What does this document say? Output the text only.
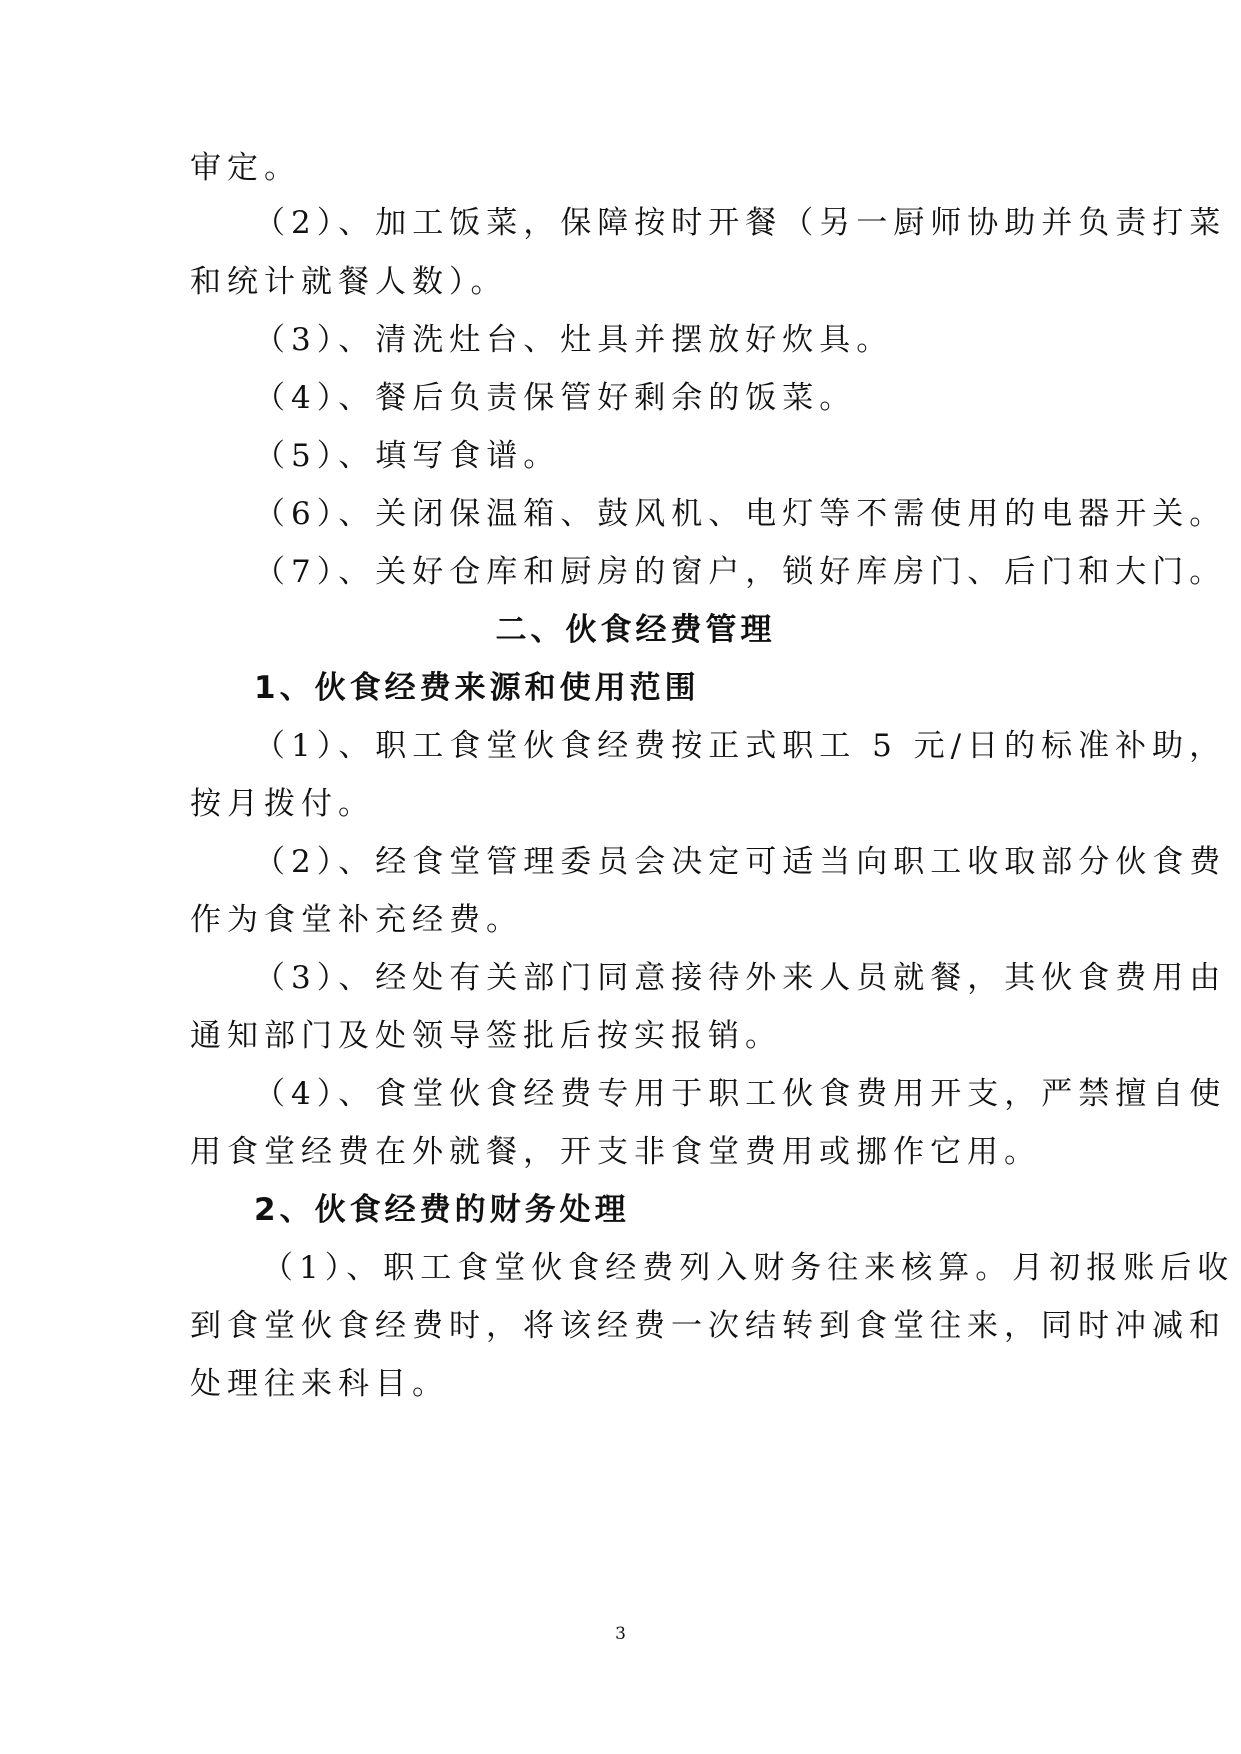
审定。
（2）、加工饭菜，保障按时开餐（另一厨师协助并负责打菜
和统计就餐人数）。
（3）、清洗灶台、灶具并摆放好炊具。
（4）、餐后负责保管好剩余的饭菜。
（5）、填写食谱。
（6）、关闭保温箱、鼓风机、电灯等不需使用的电器开关。
（7）、关好仓库和厨房的窗户，锁好库房门、后门和大门。
二、伙食经费管理
1、伙食经费来源和使用范围
（1）、职工食堂伙食经费按正式职工 5 元/日的标准补助，
按月拨付。
（2）、经食堂管理委员会决定可适当向职工收取部分伙食费
作为食堂补充经费。
（3）、经处有关部门同意接待外来人员就餐，其伙食费用由
通知部门及处领导签批后按实报销。
（4）、食堂伙食经费专用于职工伙食费用开支，严禁擅自使
用食堂经费在外就餐，开支非食堂费用或挪作它用。
2、伙食经费的财务处理
（1）、职工食堂伙食经费列入财务往来核算。月初报账后收
到食堂伙食经费时，将该经费一次结转到食堂往来，同时冲减和
处理往来科目。
3
